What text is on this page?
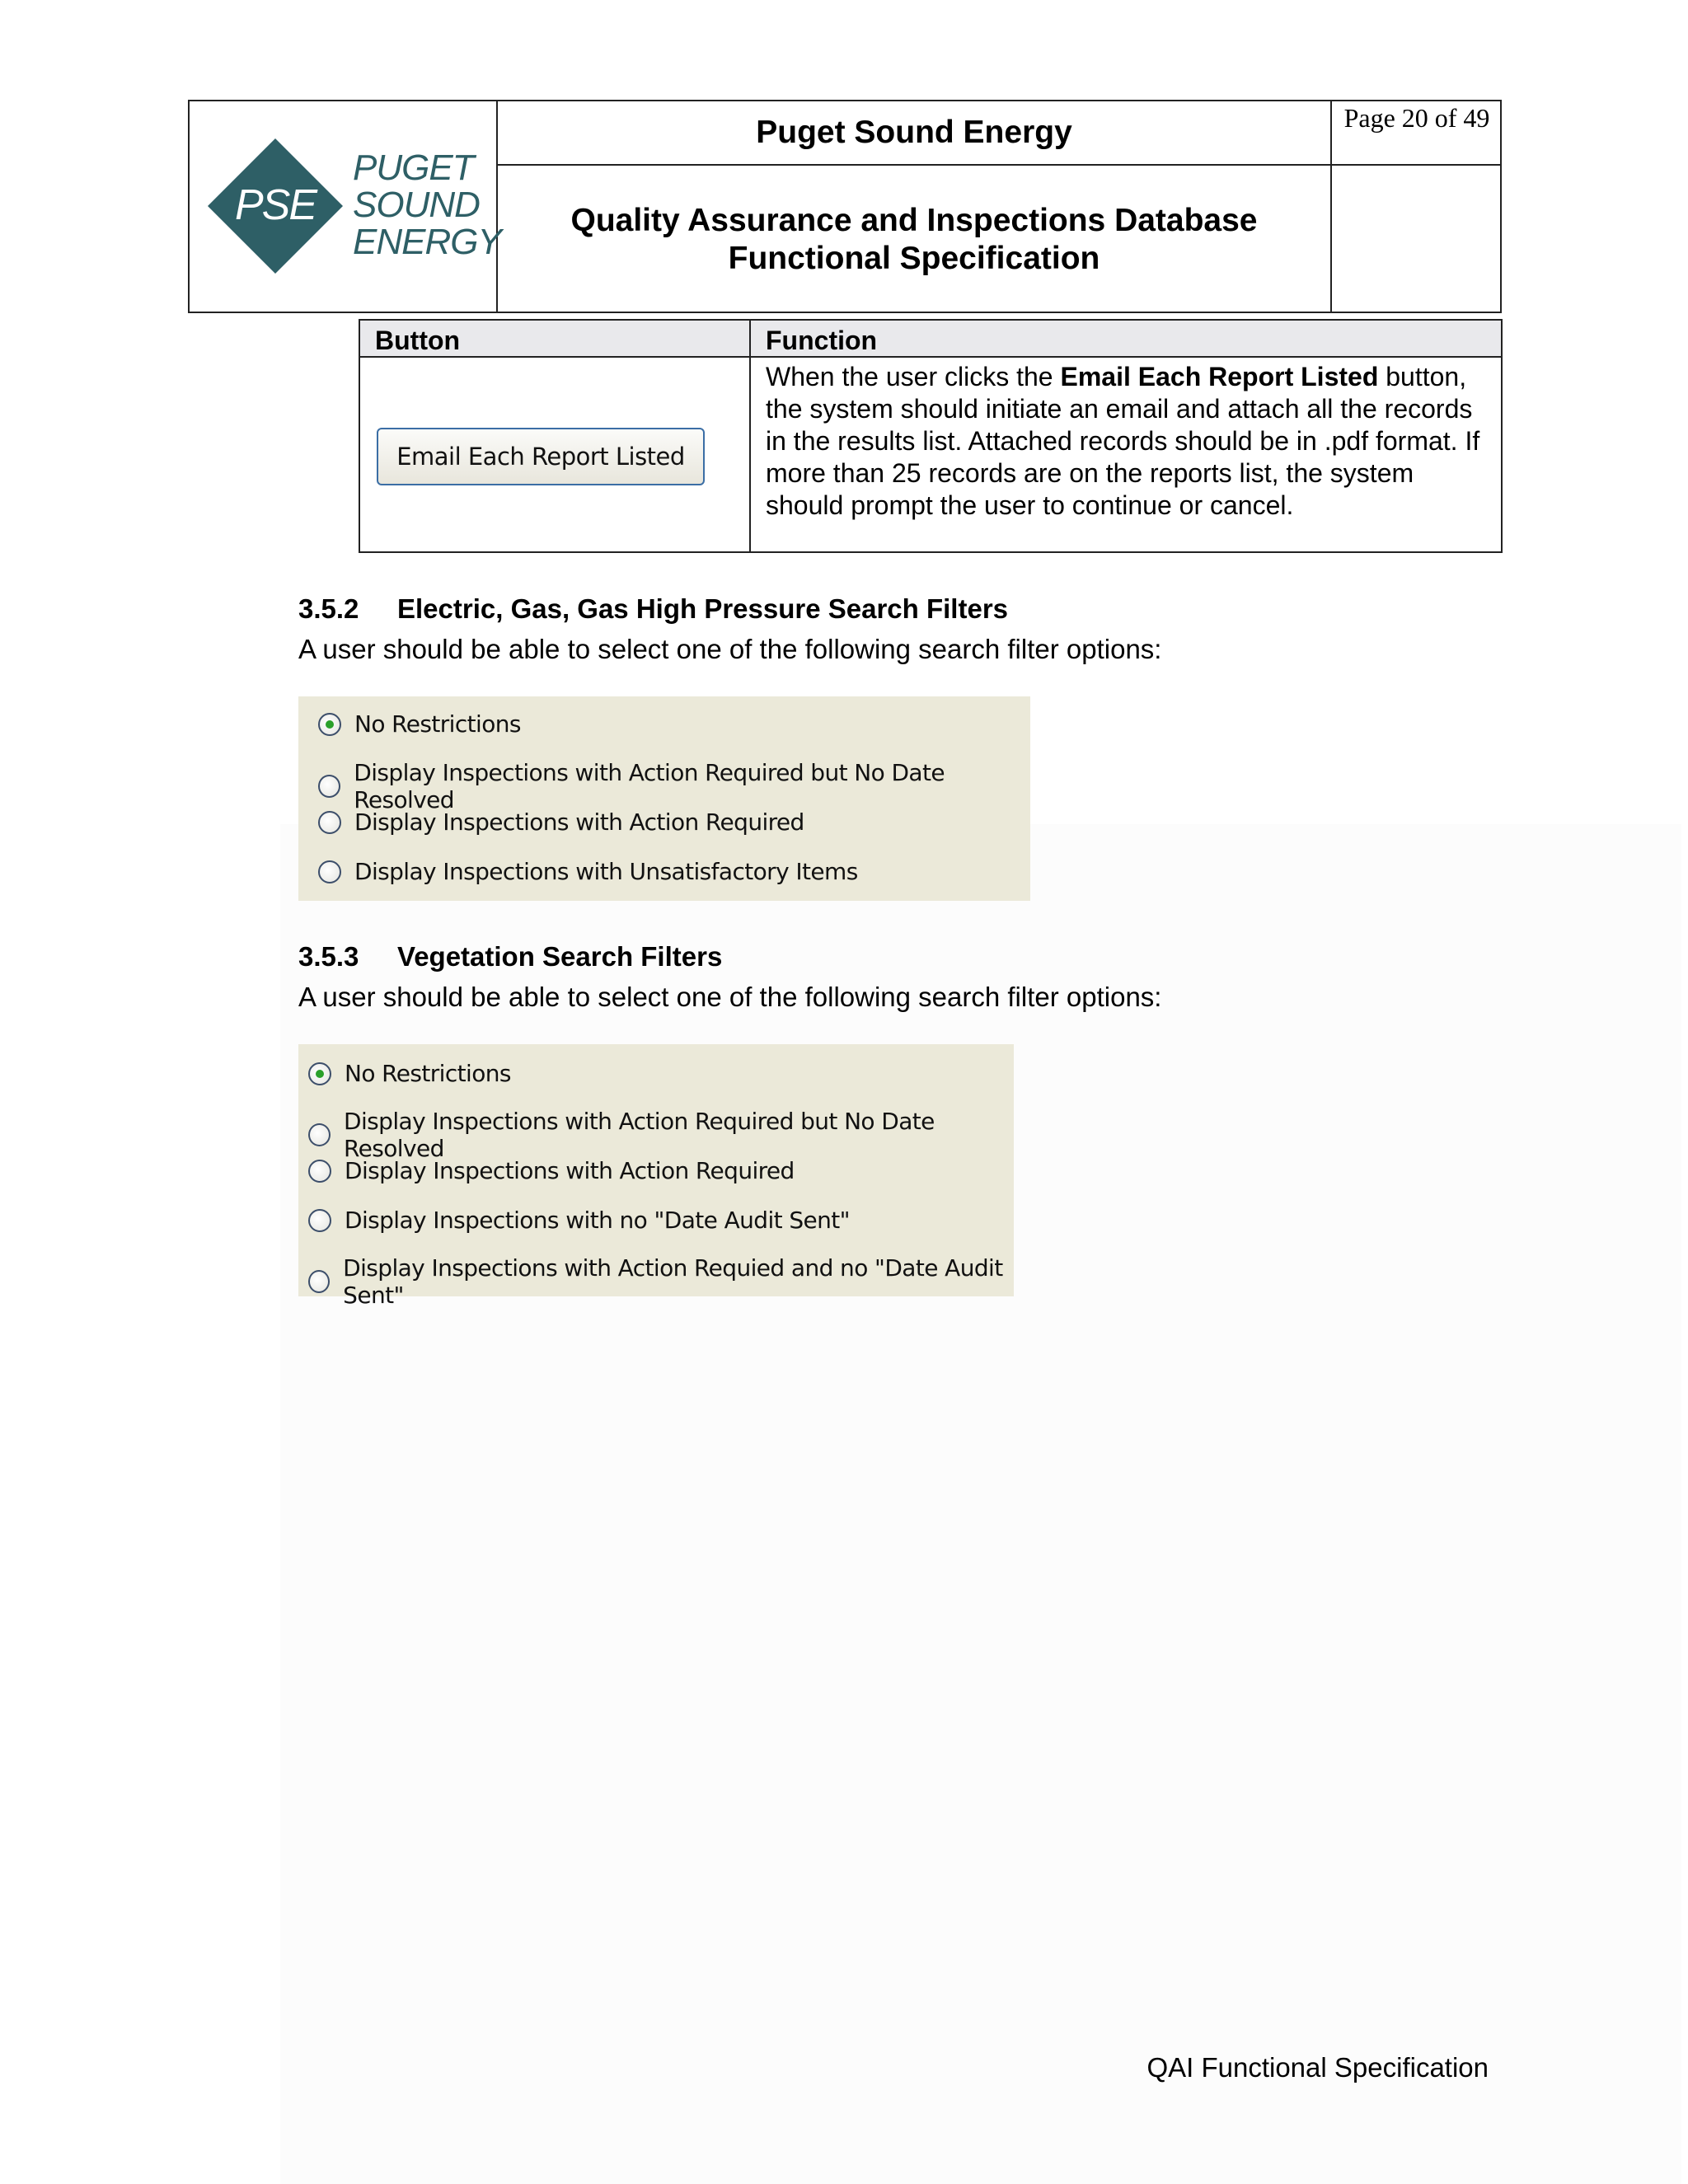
PSE
PUGET
SOUND
ENERGY
Puget Sound Energy
Quality Assurance and Inspections Database
Functional Specification
Page 20 of 49
Button	Function
Email Each Report Listed
When the user clicks the Email Each Report Listed button, the system should initiate an email and attach all the records in the results list. Attached records should be in .pdf format. If more than 25 records are on the reports list, the system should prompt the user to continue or cancel.
3.5.2 Electric, Gas, Gas High Pressure Search Filters
A user should be able to select one of the following search filter options:
No Restrictions
Display Inspections with Action Required but No Date Resolved
Display Inspections with Action Required
Display Inspections with Unsatisfactory Items
3.5.3 Vegetation Search Filters
A user should be able to select one of the following search filter options:
No Restrictions
Display Inspections with Action Required but No Date Resolved
Display Inspections with Action Required
Display Inspections with no "Date Audit Sent"
Display Inspections with Action Requied and no "Date Audit Sent"
QAI Functional Specification
